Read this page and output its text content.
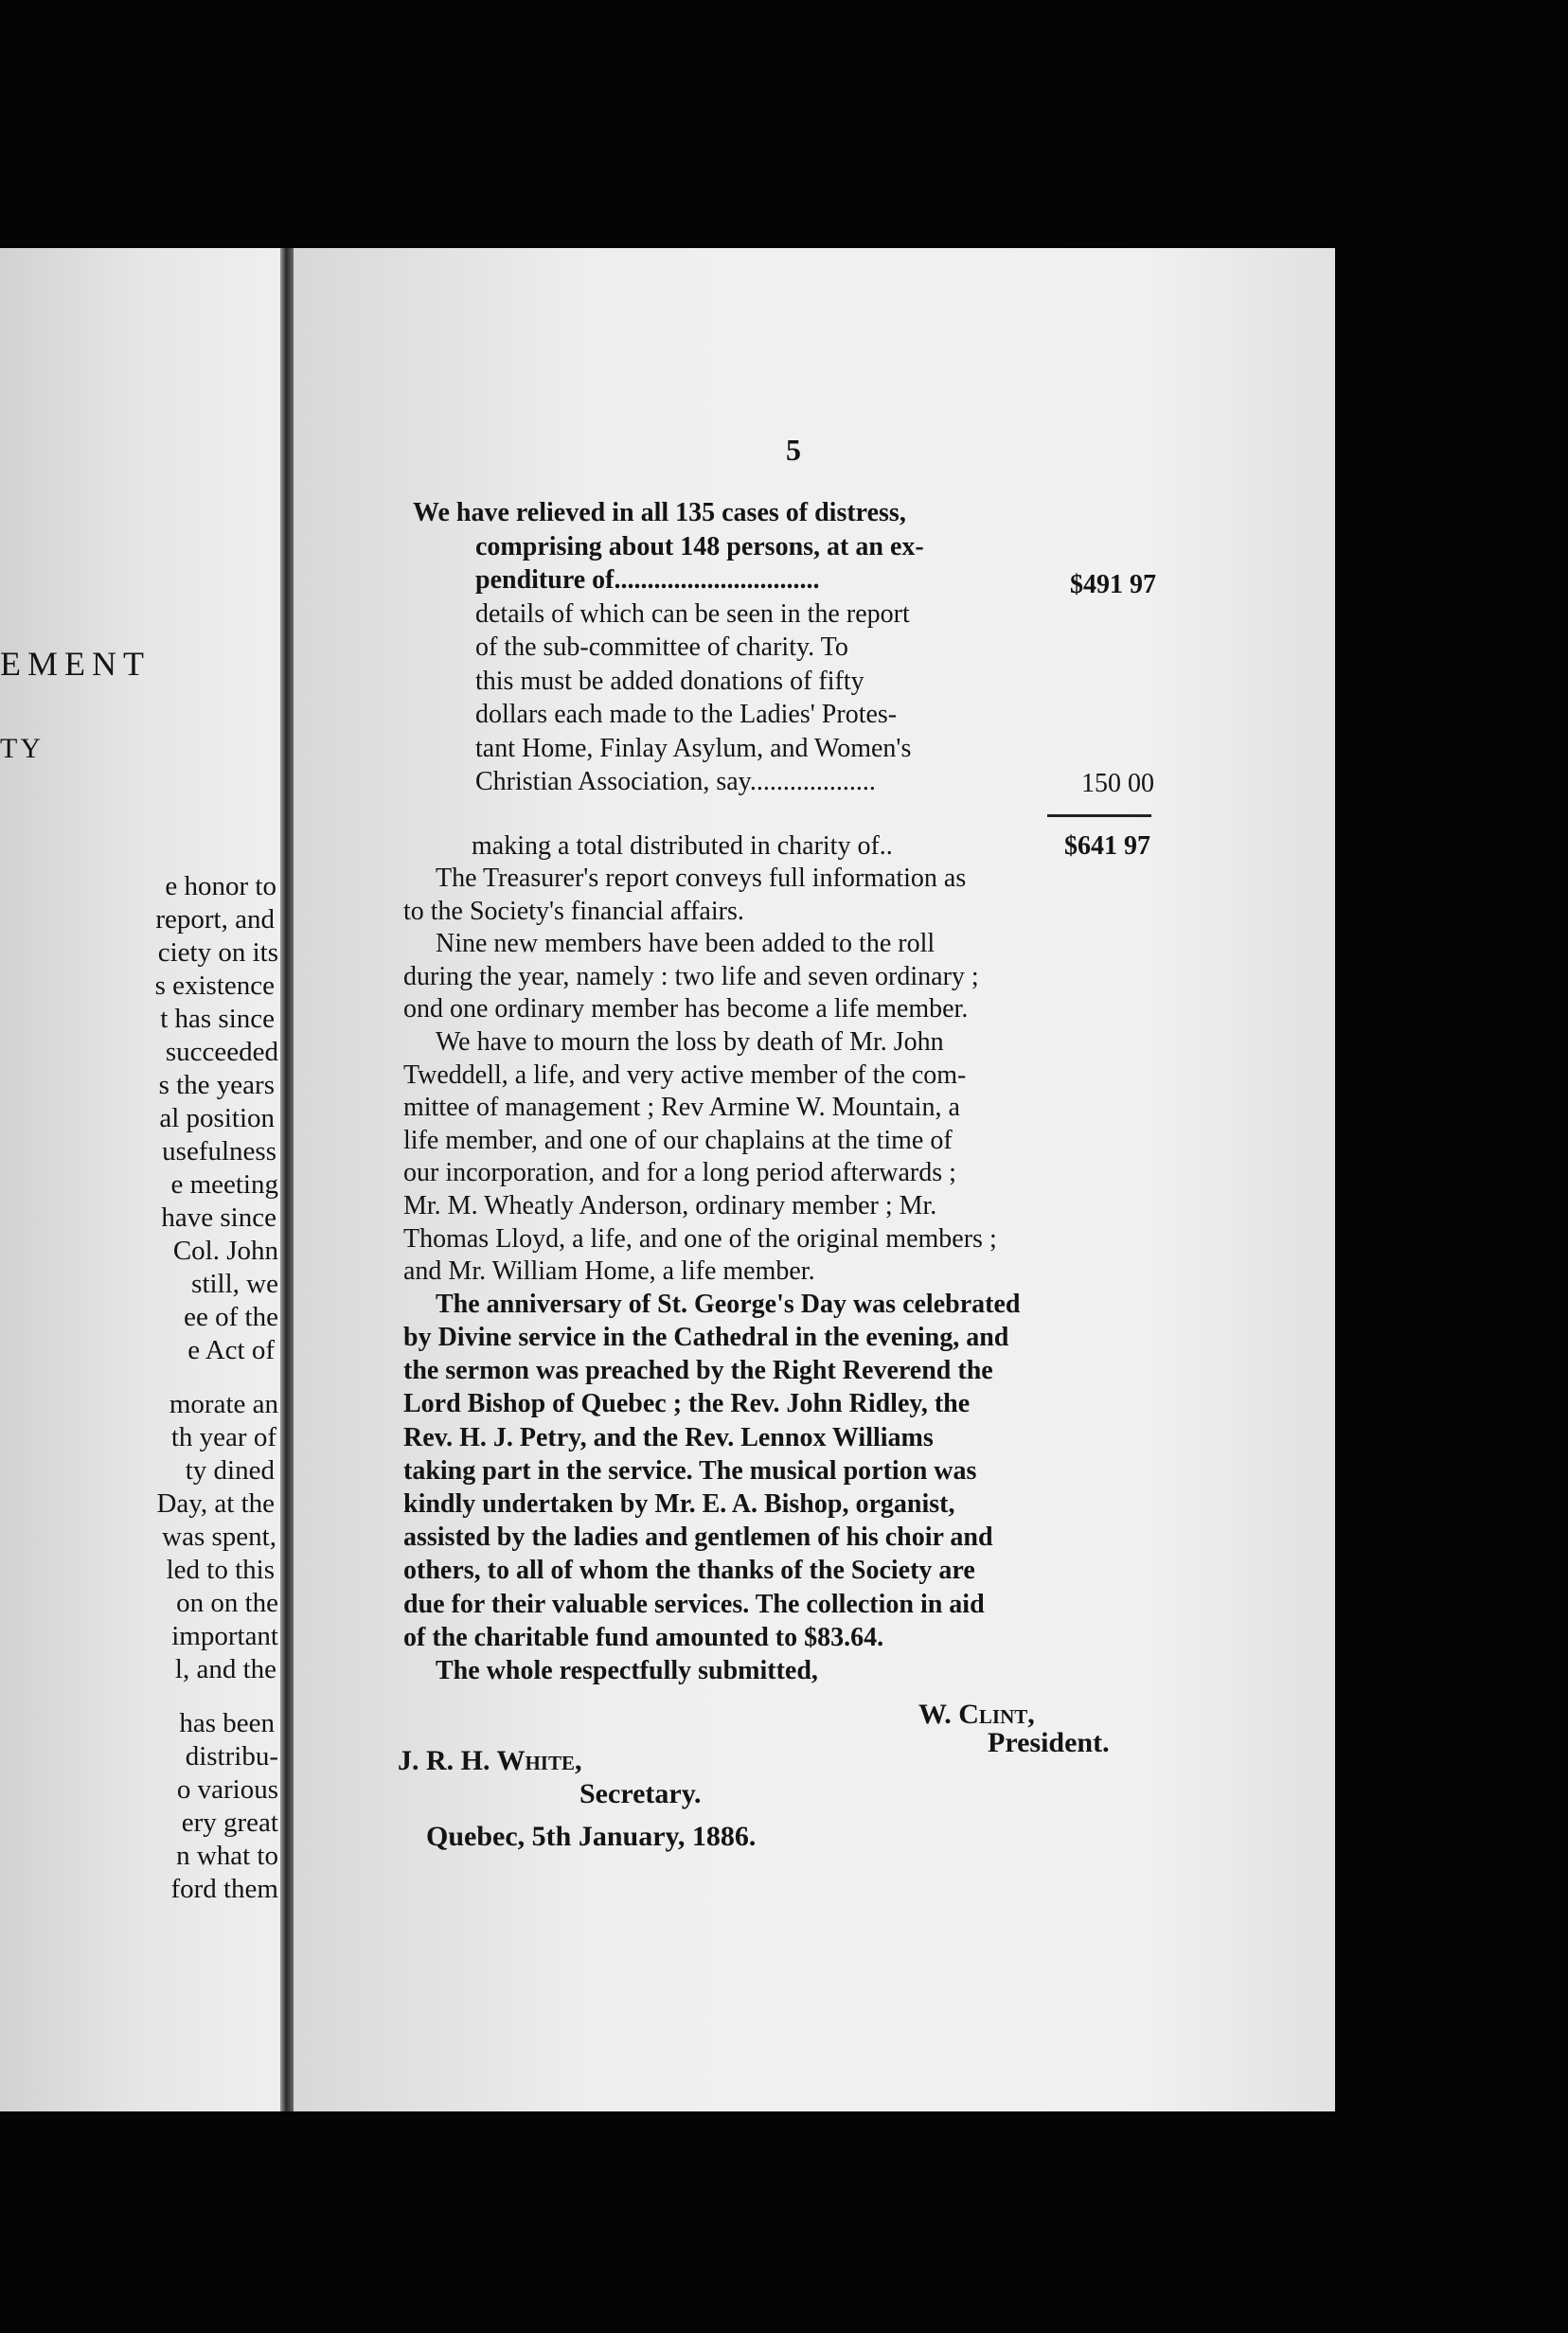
EMENT
TY
e honor to
report, and
ciety on its
s existence
t has since
succeeded
s the years
al position
usefulness
e meeting
have since
Col. John
still, we
ee of the
e Act of
morate an
th year of
ty dined
Day, at the
was spent,
led to this
on on the
important
l, and the
has been
distribu-
o various
ery great
n what to
ford them
5
We have relieved in all 135 cases of distress,
comprising about 148 persons, at an ex-
penditure of...............................
details of which can be seen in the report
of the sub-committee of charity. To
this must be added donations of fifty
dollars each made to the Ladies' Protes-
tant Home, Finlay Asylum, and Women's
Christian Association, say...................
$491 97
150 00
making a total distributed in charity of..	$641 97
The Treasurer's report conveys full information as
to the Society's financial affairs.
Nine new members have been added to the roll
during the year, namely : two life and seven ordinary ;
ond one ordinary member has become a life member.
We have to mourn the loss by death of Mr. John
Tweddell, a life, and very active member of the com-
mittee of management ; Rev Armine W. Mountain, a
life member, and one of our chaplains at the time of
our incorporation, and for a long period afterwards ;
Mr. M. Wheatly Anderson, ordinary member ; Mr.
Thomas Lloyd, a life, and one of the original members ;
and Mr. William Home, a life member.
The anniversary of St. George's Day was celebrated
by Divine service in the Cathedral in the evening, and
the sermon was preached by the Right Reverend the
Lord Bishop of Quebec ; the Rev. John Ridley, the
Rev. H. J. Petry, and the Rev. Lennox Williams
taking part in the service. The musical portion was
kindly undertaken by Mr. E. A. Bishop, organist,
assisted by the ladies and gentlemen of his choir and
others, to all of whom the thanks of the Society are
due for their valuable services. The collection in aid
of the charitable fund amounted to $83.64.
The whole respectfully submitted,
W. Clint,
President.
J. R. H. White,
Secretary.
Quebec, 5th January, 1886.
